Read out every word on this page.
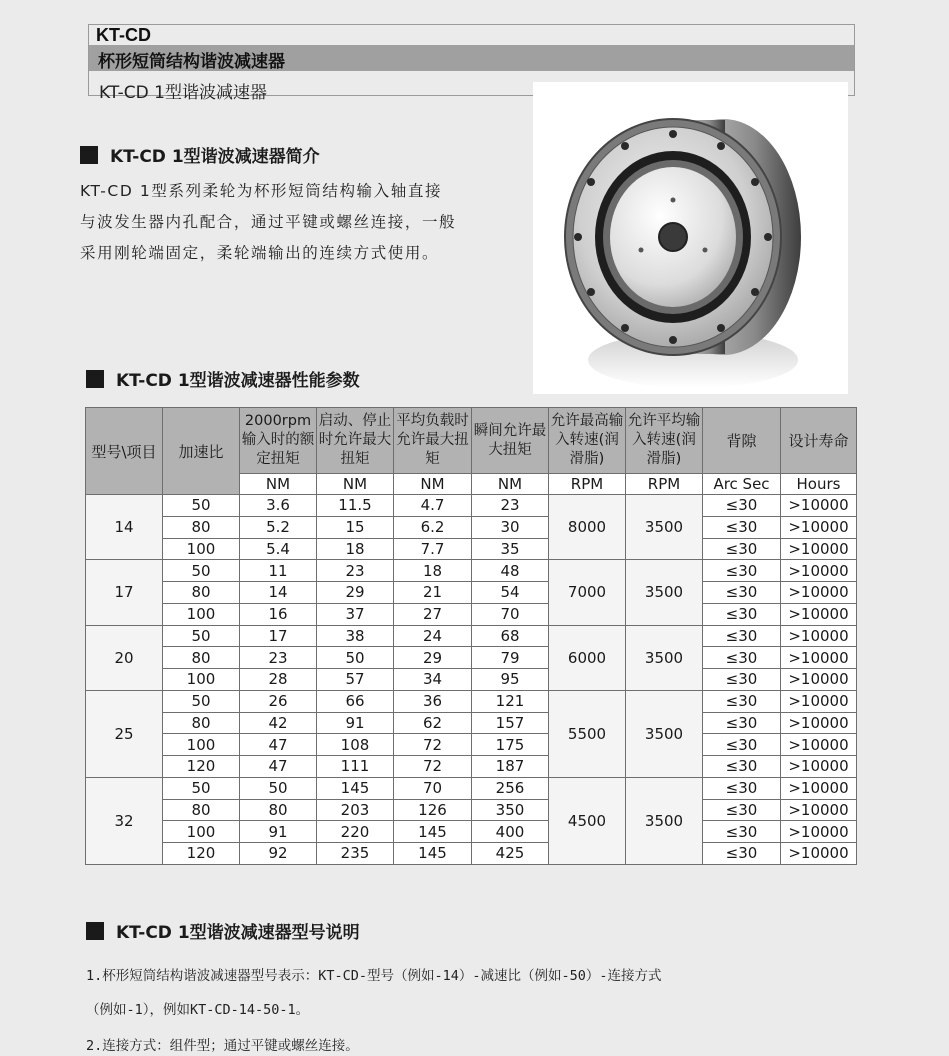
KT-CD
杯形短筒结构谐波减速器
KT-CD 1型谐波减速器
KT-CD 1型谐波减速器简介
KT-CD 1型系列柔轮为杯形短筒结构输入轴直接
与波发生器内孔配合，通过平键或螺丝连接，一般
采用刚轮端固定，柔轮端输出的连续方式使用。
KT-CD 1型谐波减速器性能参数
型号\项目	加速比	2000rpm输入时的额定扭矩	启动、停止时允许最大扭矩	平均负载时允许最大扭矩	瞬间允许最大扭矩	允许最高输入转速(润滑脂)	允许平均输入转速(润滑脂)	背隙	设计寿命
		NM	NM	NM	NM	RPM	RPM	Arc Sec	Hours
14	50	3.6	11.5	4.7	23	8000	3500	≤30	>10000
	80	5.2	15	6.2	30			≤30	>10000
	100	5.4	18	7.7	35			≤30	>10000
17	50	11	23	18	48	7000	3500	≤30	>10000
	80	14	29	21	54			≤30	>10000
	100	16	37	27	70			≤30	>10000
20	50	17	38	24	68	6000	3500	≤30	>10000
	80	23	50	29	79			≤30	>10000
	100	28	57	34	95			≤30	>10000
25	50	26	66	36	121	5500	3500	≤30	>10000
	80	42	91	62	157			≤30	>10000
	100	47	108	72	175			≤30	>10000
	120	47	111	72	187			≤30	>10000
32	50	50	145	70	256	4500	3500	≤30	>10000
	80	80	203	126	350			≤30	>10000
	100	91	220	145	400			≤30	>10000
	120	92	235	145	425			≤30	>10000
KT-CD 1型谐波减速器型号说明
1.杯形短筒结构谐波减速器型号表示：KT-CD-型号（例如-14）-减速比（例如-50）-连接方式
（例如-1），例如KT-CD-14-50-1。
2.连接方式：组件型；通过平键或螺丝连接。
